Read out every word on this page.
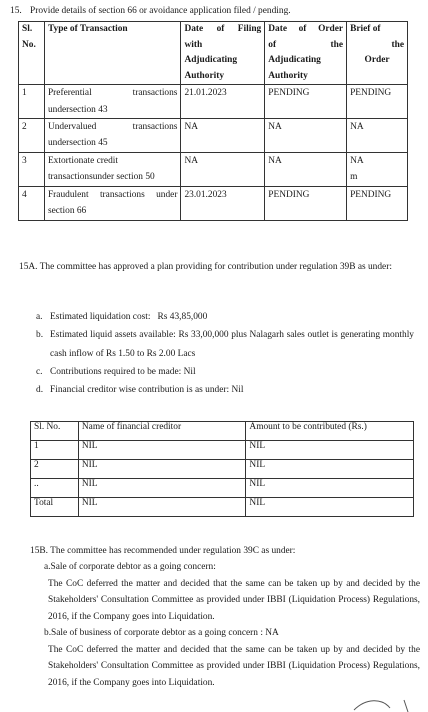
15. Provide details of section 66 or avoidance application filed / pending.
Sl.
No.	Type of Transaction	Date of Filing
with
Adjudicating
Authority	Date of Order
of the
Adjudicating
Authority	Brief of
the
Order

1	Preferential transactions
undersection 43	21.01.2023	PENDING	PENDING
2	Undervalued transactions
undersection 45	NA	NA	NA
3	Extortionate credit
transactionsunder section 50	NA	NA	NA
m

4	Fraudulent transactions under
section 66	23.01.2023	PENDING	PENDING
15A. The committee has approved a plan providing for contribution under regulation 39B as under:
a. Estimated liquidation cost:   Rs 43,85,000
b. Estimated liquid assets available: Rs 33,00,000 plus Nalagarh sales outlet is generating monthly cash inflow of Rs 1.50 to Rs 2.00 Lacs
c. Contributions required to be made: Nil
d. Financial creditor wise contribution is as under: Nil
Sl. No.	Name of financial creditor	Amount to be contributed (Rs.)
1	NIL	NIL
2	NIL	NIL
..	NIL	NIL
Total	NIL	NIL
15B. The committee has recommended under regulation 39C as under:
a.Sale of corporate debtor as a going concern:
The CoC deferred the matter and decided that the same can be taken up by and decided by the Stakeholders' Consultation Committee as provided under IBBI (Liquidation Process) Regulations, 2016, if the Company goes into Liquidation.
b.Sale of business of corporate debtor as a going concern : NA
The CoC deferred the matter and decided that the same can be taken up by and decided by the Stakeholders' Consultation Committee as provided under IBBI (Liquidation Process) Regulations, 2016, if the Company goes into Liquidation.
